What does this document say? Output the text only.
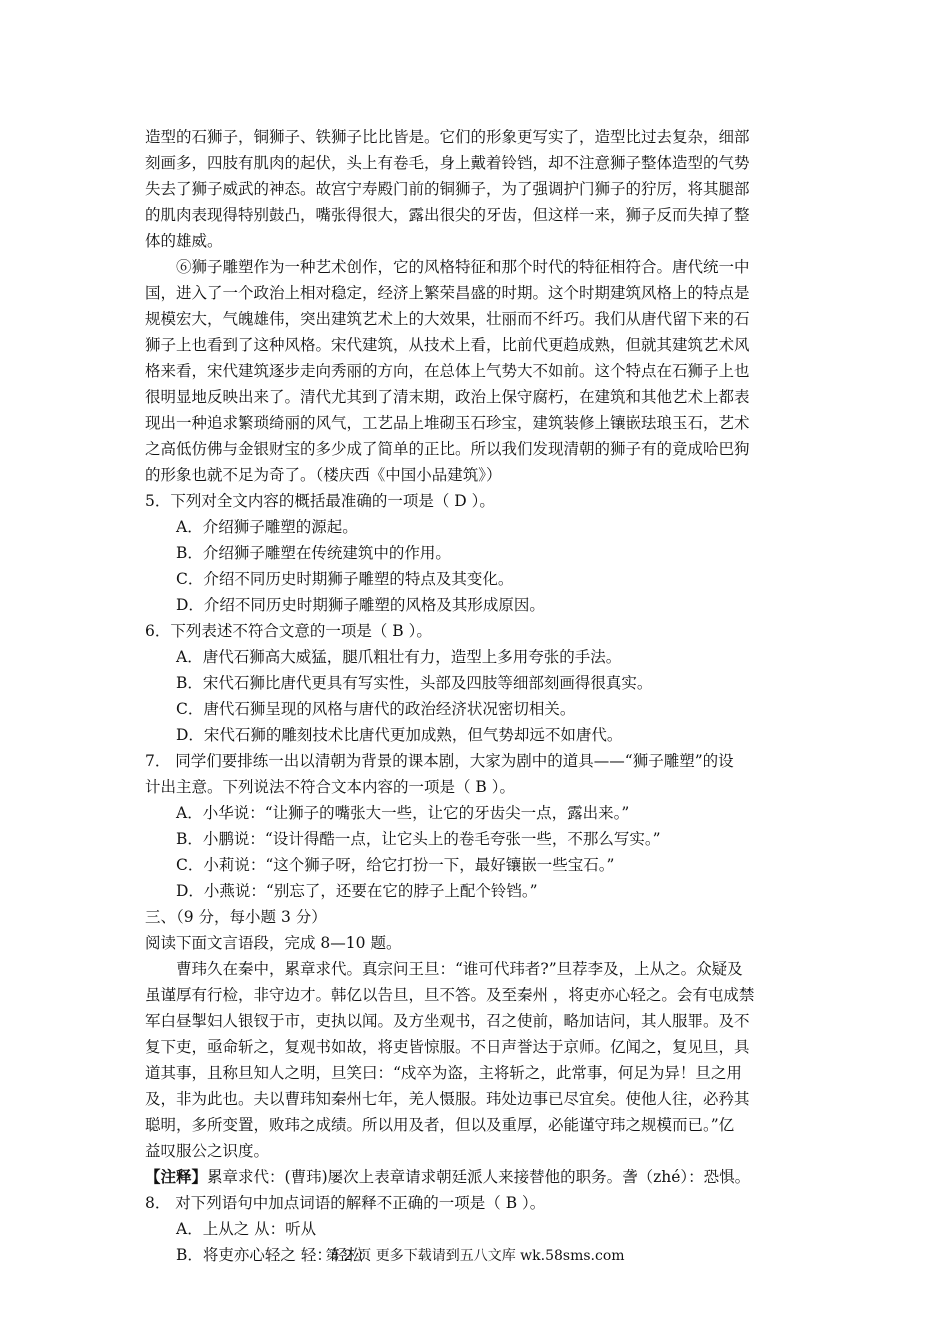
造型的石狮子，铜狮子、铁狮子比比皆是。它们的形象更写实了，造型比过去复杂，细部
刻画多，四肢有肌肉的起伏，头上有卷毛，身上戴着铃铛，却不注意狮子整体造型的气势
失去了狮子威武的神态。故宫宁寿殿门前的铜狮子，为了强调护门狮子的狞厉，将其腿部
的肌肉表现得特别鼓凸，嘴张得很大，露出很尖的牙齿，但这样一来，狮子反而失掉了整
体的雄威。
⑥狮子雕塑作为一种艺术创作，它的风格特征和那个时代的特征相符合。唐代统一中
国，进入了一个政治上相对稳定，经济上繁荣昌盛的时期。这个时期建筑风格上的特点是
规模宏大，气魄雄伟，突出建筑艺术上的大效果，壮丽而不纤巧。我们从唐代留下来的石
狮子上也看到了这种风格。宋代建筑，从技术上看，比前代更趋成熟，但就其建筑艺术风
格来看，宋代建筑逐步走向秀丽的方向，在总体上气势大不如前。这个特点在石狮子上也
很明显地反映出来了。清代尤其到了清末期，政治上保守腐朽，在建筑和其他艺术上都表
现出一种追求繁琐绮丽的风气，工艺品上堆砌玉石珍宝，建筑装修上镶嵌珐琅玉石，艺术
之高低仿佛与金银财宝的多少成了简单的正比。所以我们发现清朝的狮子有的竟成哈巴狗
的形象也就不足为奇了。（楼庆西《中国小品建筑》）
5．下列对全文内容的概括最准确的一项是（ D ）。
A．介绍狮子雕塑的源起。
B．介绍狮子雕塑在传统建筑中的作用。
C．介绍不同历史时期狮子雕塑的特点及其变化。
D．介绍不同历史时期狮子雕塑的风格及其形成原因。
6．下列表述不符合文意的一项是（ B ）。
A．唐代石狮高大威猛，腿爪粗壮有力，造型上多用夸张的手法。
B．宋代石狮比唐代更具有写实性，头部及四肢等细部刻画得很真实。
C．唐代石狮呈现的风格与唐代的政治经济状况密切相关。
D．宋代石狮的雕刻技术比唐代更加成熟，但气势却远不如唐代。
7． 同学们要排练一出以清朝为背景的课本剧，大家为剧中的道具——“狮子雕塑”的设
计出主意。下列说法不符合文本内容的一项是（ B ）。
A．小华说：“让狮子的嘴张大一些，让它的牙齿尖一点，露出来。”
B．小鹏说：“设计得酷一点，让它头上的卷毛夸张一些，不那么写实。”
C．小莉说：“这个狮子呀，给它打扮一下，最好镶嵌一些宝石。”
D．小燕说：“别忘了，还要在它的脖子上配个铃铛。”
三、（9 分，每小题 3 分）
阅读下面文言语段，完成 8—10 题。
曹玮久在秦中，累章求代。真宗问王旦：“谁可代玮者?”旦荐李及，上从之。众疑及
虽谨厚有行检，非守边才。韩亿以告旦，旦不答。及至秦州 ，将吏亦心轻之。会有屯成禁
军白昼掣妇人银钗于市，吏执以闻。及方坐观书，召之使前，略加诘问，其人服罪。及不
复下吏，亟命斩之，复观书如故，将吏皆惊服。不日声誉达于京师。亿闻之，复见旦，具
道其事，且称旦知人之明，旦笑曰：“戍卒为盗，主将斩之，此常事，何足为异！旦之用
及，非为此也。夫以曹玮知秦州七年，羌人慑服。玮处边事已尽宜矣。使他人往，必矜其
聪明，多所变置，败玮之成绩。所以用及者，但以及重厚，必能谨守玮之规模而已。”亿
益叹服公之识度。
【注释】累章求代：(曹玮)屡次上表章请求朝廷派人来接替他的职务。詟（zhé）：恐惧。
8． 对下列语句中加点词语的解释不正确的一项是（ B ）。
A．上从之 从：听从
B．将吏亦心轻之 轻：轻松
第 2 页 更多下载请到五八文库 wk.58sms.com
